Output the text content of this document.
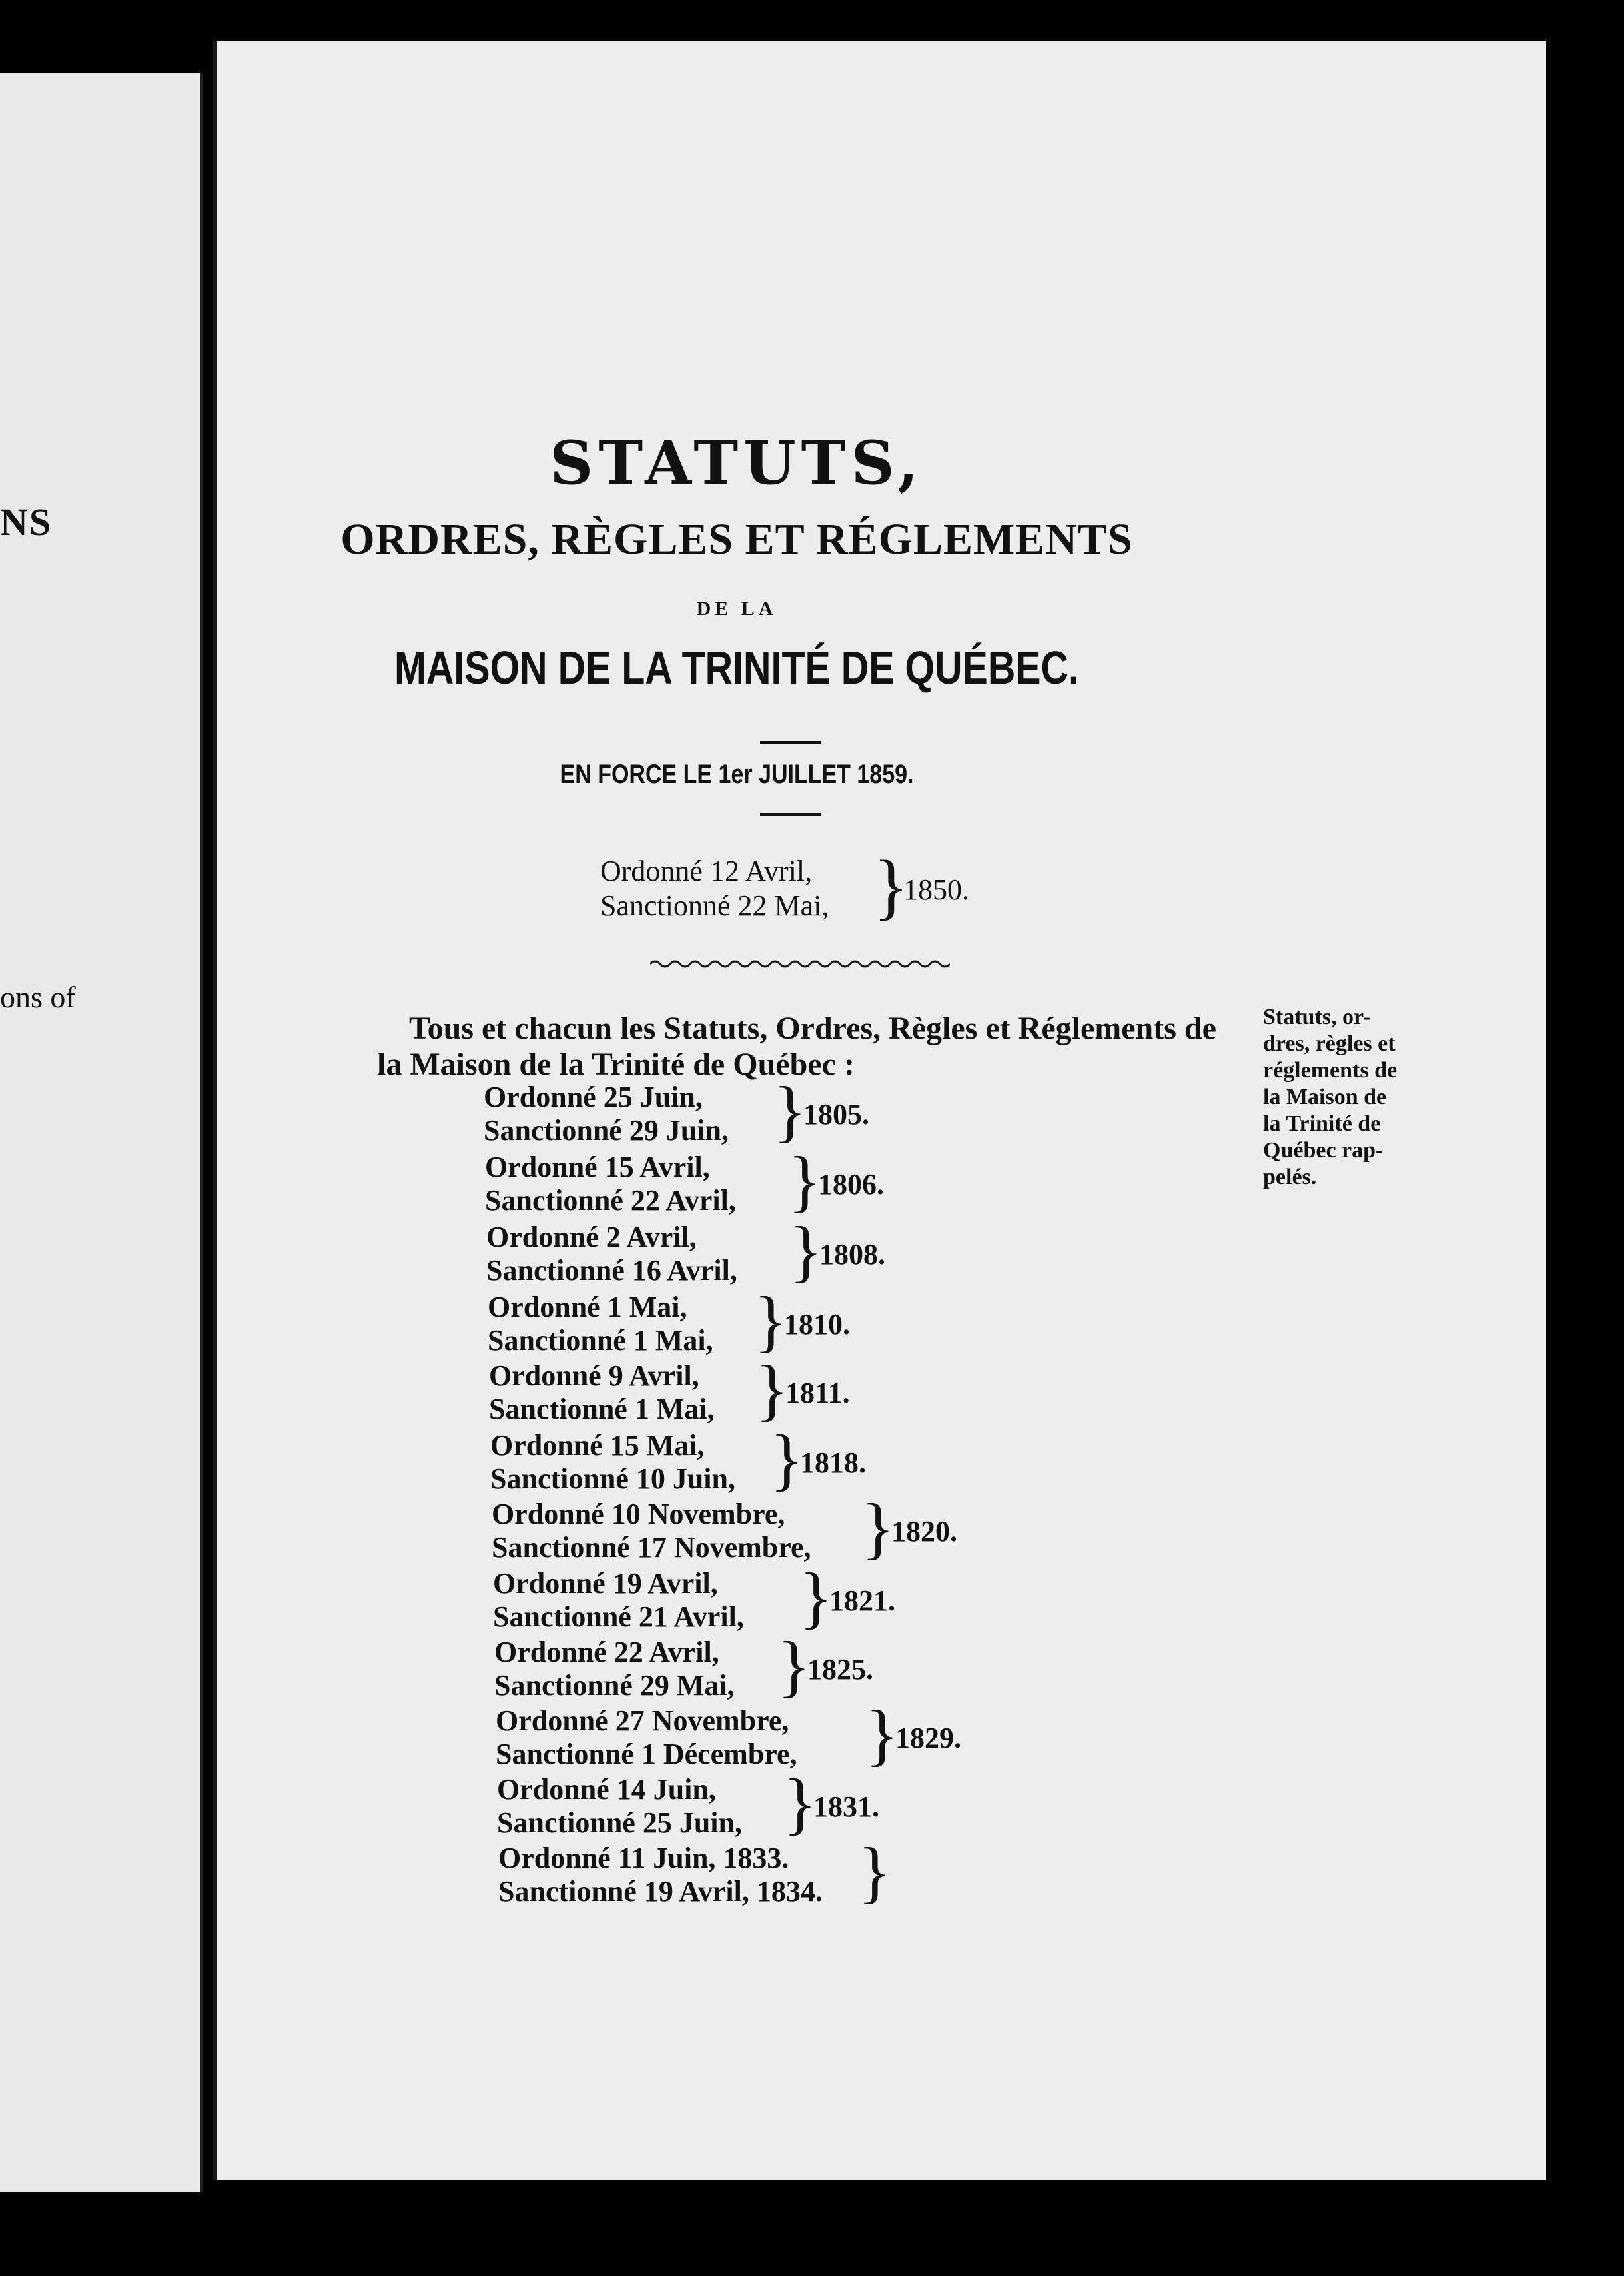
NS
ons of
STATUTS,
ORDRES, RÈGLES ET RÉGLEMENTS
DE LA
MAISON DE LA TRINITÉ DE QUÉBEC.
EN FORCE LE 1er JUILLET 1859.
Ordonné 12 Avril,
Sanctionné 22 Mai, }
1850.
Tous et chacun les Statuts, Ordres, Règles et Réglements de
la Maison de la Trinité de Québec :
Statuts, or-
dres, règles et
réglements de
la Maison de
la Trinité de
Québec rap-
pelés.
Ordonné 25 Juin,
Sanctionné 29 Juin, }
1805.
Ordonné 15 Avril,
Sanctionné 22 Avril, }
1806.
Ordonné 2 Avril,
Sanctionné 16 Avril, }
1808.
Ordonné 1 Mai,
Sanctionné 1 Mai, }
1810.
Ordonné 9 Avril,
Sanctionné 1 Mai, }
1811.
Ordonné 15 Mai,
Sanctionné 10 Juin, }
1818.
Ordonné 10 Novembre,
Sanctionné 17 Novembre, }
1820.
Ordonné 19 Avril,
Sanctionné 21 Avril, }
1821.
Ordonné 22 Avril,
Sanctionné 29 Mai, }
1825.
Ordonné 27 Novembre,
Sanctionné 1 Décembre, }
1829.
Ordonné 14 Juin,
Sanctionné 25 Juin, }
1831.
Ordonné 11 Juin, 1833.
Sanctionné 19 Avril, 1834. }
